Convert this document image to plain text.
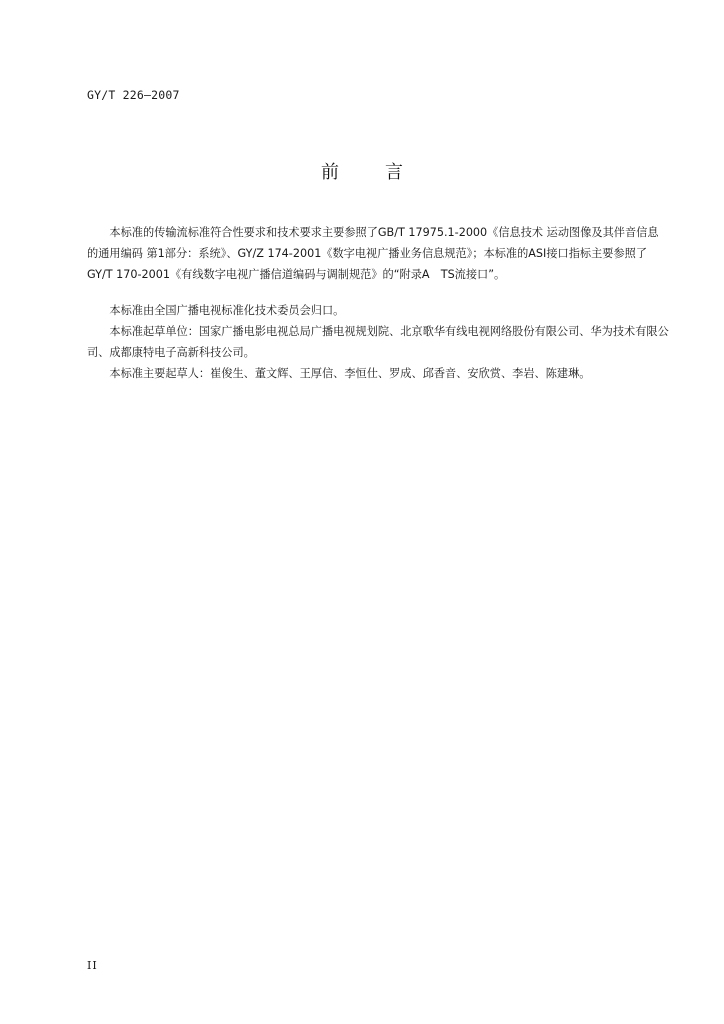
GY/T 226—2007
前	言

本标准的传输流标准符合性要求和技术要求主要参照了GB/T 17975.1-2000《信息技术 运动图像及其伴音信息的通用编码 第1部分：系统》、GY/Z 174-2001《数字电视广播业务信息规范》；本标准的ASI接口指标主要参照了GY/T 170-2001《有线数字电视广播信道编码与调制规范》的“附录A　TS流接口”。

本标准由全国广播电视标准化技术委员会归口。

本标准起草单位：国家广播电影电视总局广播电视规划院、北京歌华有线电视网络股份有限公司、华为技术有限公司、成都康特电子高新科技公司。

本标准主要起草人：崔俊生、董文辉、王厚信、李恒仕、罗成、邱香音、安欣赏、李岩、陈建琳。

II
